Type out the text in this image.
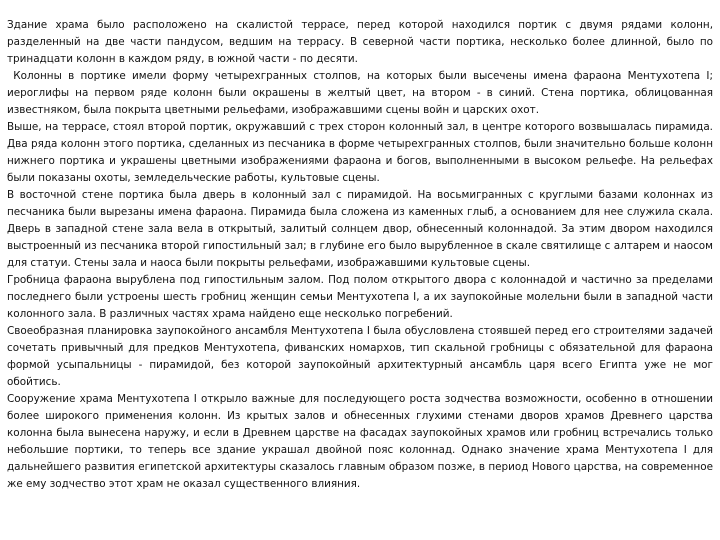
Здание храма было расположено на скалистой террасе, перед которой находился портик с двумя рядами колонн, разделенный на две части пандусом, ведшим на террасу. В северной части портика, несколько более длинной, было по тринадцати колонн в каждом ряду, в южной части - по десяти.

Колонны в портике имели форму четырехгранных столпов, на которых были высечены имена фараона Ментухотепа I; иероглифы на первом ряде колонн были окрашены в желтый цвет, на втором - в синий. Стена портика, облицованная известняком, была покрыта цветными рельефами, изображавшими сцены войн и царских охот.

Выше, на террасе, стоял второй портик, окружавший с трех сторон колонный зал, в центре которого возвышалась пирамида. Два ряда колонн этого портика, сделанных из песчаника в форме четырехгранных столпов, были значительно больше колонн нижнего портика и украшены цветными изображениями фараона и богов, выполненными в высоком рельефе. На рельефах были показаны охоты, земледельческие работы, культовые сцены.

В восточной стене портика была дверь в колонный зал с пирамидой. На восьмигранных с круглыми базами колоннах из песчаника были вырезаны имена фараона. Пирамида была сложена из каменных глыб, а основанием для нее служила скала. Дверь в западной стене зала вела в открытый, залитый солнцем двор, обнесенный колоннадой. За этим двором находился выстроенный из песчаника второй гипостильный зал; в глубине его было вырубленное в скале святилище с алтарем и наосом для статуи. Стены зала и наоса были покрыты рельефами, изображавшими культовые сцены.

Гробница фараона вырублена под гипостильным залом. Под полом открытого двора с колоннадой и частично за пределами последнего были устроены шесть гробниц женщин семьи Ментухотепа I, а их заупокойные молельни были в западной части колонного зала. В различных частях храма найдено еще несколько погребений.

Своеобразная планировка заупокойного ансамбля Ментухотепа I была обусловлена стоявшей перед его строителями задачей сочетать привычный для предков Ментухотепа, фиванских номархов, тип скальной гробницы с обязательной для фараона формой усыпальницы - пирамидой, без которой заупокойный архитектурный ансамбль царя всего Египта уже не мог обойтись.

Сооружение храма Ментухотепа I открыло важные для последующего роста зодчества возможности, особенно в отношении более широкого применения колонн. Из крытых залов и обнесенных глухими стенами дворов храмов Древнего царства колонна была вынесена наружу, и если в Древнем царстве на фасадах заупокойных храмов или гробниц встречались только небольшие портики, то теперь все здание украшал двойной пояс колоннад. Однако значение храма Ментухотепа I для дальнейшего развития египетской архитектуры сказалось главным образом позже, в период Нового царства, на современное же ему зодчество этот храм не оказал существенного влияния.
